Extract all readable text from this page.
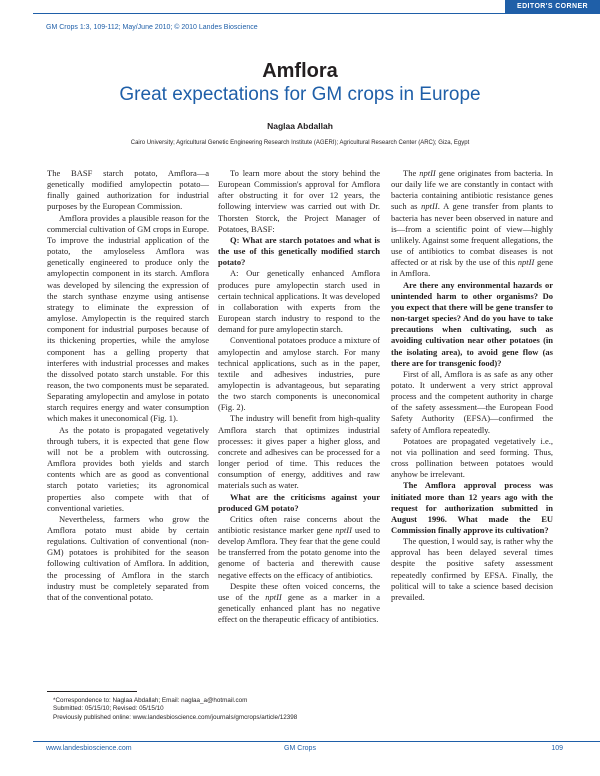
EDITOR'S CORNER
GM Crops 1:3, 109-112; May/June 2010; © 2010 Landes Bioscience
Amflora
Great expectations for GM crops in Europe
Naglaa Abdallah
Cairo University; Agricultural Genetic Engineering Research Institute (AGERI); Agricultural Research Center (ARC); Giza, Egypt

The BASF starch potato, Amflora—a genetically modified amylopectin potato—finally gained authorization for industrial purposes by the European Commission.

Amflora provides a plausible reason for the commercial cultivation of GM crops in Europe. To improve the industrial application of the potato, the amyloseless Amflora was genetically engineered to produce only the amylopectin component in its starch. Amflora was developed by silencing the expression of the starch synthase enzyme using antisense strategy to eliminate the expression of amylose. Amylopectin is the required starch component for industrial purposes because of its thickening properties, while the amylose component has a gelling property that interferes with industrial processes and makes the dissolved potato starch unstable. For this reason, the two components must be separated. Separating amylopectin and amylose in potato starch requires energy and water consumption which makes it uneconomical (Fig. 1).

As the potato is propagated vegetatively through tubers, it is expected that gene flow will not be a problem with outcrossing. Amflora provides both yields and starch contents which are as good as conventional starch potato varieties; its agronomical properties also compete with that of conventional varieties.

Nevertheless, farmers who grow the Amflora potato must abide by certain regulations. Cultivation of conventional (non-GM) potatoes is prohibited for the season following cultivation of Amflora. In addition, the processing of Amflora in the starch industry must be completely separated from that of the conventional potato.

To learn more about the story behind the European Commission's approval for Amflora after obstructing it for over 12 years, the following interview was carried out with Dr. Thorsten Storck, the Project Manager of Potatoes, BASF:

Q: What are starch potatoes and what is the use of this genetically modified starch potato?

A: Our genetically enhanced Amflora produces pure amylopectin starch used in certain technical applications. It was developed in collaboration with experts from the European starch industry to respond to the demand for pure amylopectin starch.

Conventional potatoes produce a mixture of amylopectin and amylose starch. For many technical applications, such as in the paper, textile and adhesives industries, pure amylopectin is advantageous, but separating the two starch components is uneconomical (Fig. 2).

The industry will benefit from high-quality Amflora starch that optimizes industrial processes: it gives paper a higher gloss, and concrete and adhesives can be processed for a longer period of time. This reduces the consumption of energy, additives and raw materials such as water.

What are the criticisms against your produced GM potato?

Critics often raise concerns about the antibiotic resistance marker gene nptII used to develop Amflora. They fear that the gene could be transferred from the potato genome into the genome of bacteria and therewith cause negative effects on the efficacy of antibiotics.

Despite these often voiced concerns, the use of the nptII gene as a marker in a genetically enhanced plant has no negative effect on the therapeutic efficacy of antibiotics.

The nptII gene originates from bacteria. In our daily life we are constantly in contact with bacteria containing antibiotic resistance genes such as nptII. A gene transfer from plants to bacteria has never been observed in nature and is—from a scientific point of view—highly unlikely. Against some frequent allegations, the use of antibiotics to combat diseases is not affected or at risk by the use of this nptII gene in Amflora.

Are there any environmental hazards or unintended harm to other organisms? Do you expect that there will be gene transfer to non-target species? And do you have to take precautions when cultivating, such as avoiding cultivation near other potatoes (in the isolating area), to avoid gene flow (as there are for transgenic food)?

First of all, Amflora is as safe as any other potato. It underwent a very strict approval process and the competent authority in charge of the safety assessment—the European Food Safety Authority (EFSA)—confirmed the safety of Amflora repeatedly.

Potatoes are propagated vegetatively i.e., not via pollination and seed forming. Thus, cross pollination between potatoes would anyhow be irrelevant.

The Amflora approval process was initiated more than 12 years ago with the request for authorization submitted in August 1996. What made the EU Commission finally approve its cultivation?

The question, I would say, is rather why the approval has been delayed several times despite the positive safety assessment repeatedly confirmed by EFSA. Finally, the political will to take a science based decision prevailed.

*Correspondence to: Naglaa Abdallah; Email: naglaa_a@hotmail.com
Submitted: 05/15/10; Revised: 05/15/10
Previously published online: www.landesbioscience.com/journals/gmcrops/article/12398
www.landesbioscience.com	GM Crops	109
